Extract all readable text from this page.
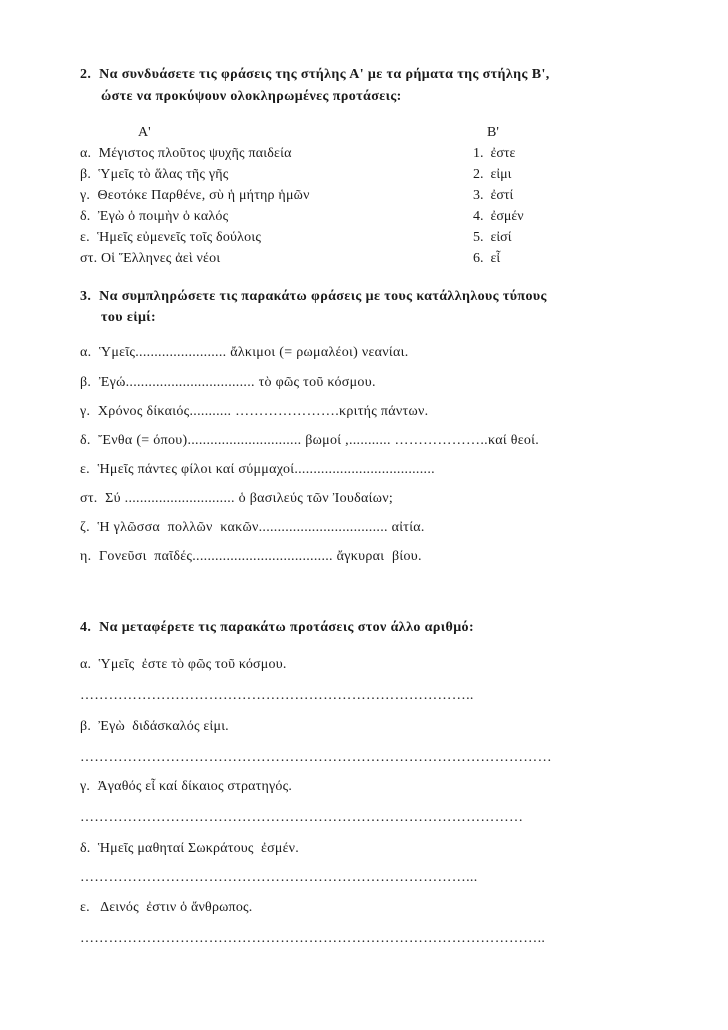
2.  Να συνδυάσετε τις φράσεις της στήλης Α' με τα ρήματα της στήλης Β',
ώστε να προκύψουν ολοκληρωμένες προτάσεις:
Α'	Β'
α.  Μέγιστος πλοῦτος ψυχῆς παιδεία
β.  Ὑμεῖς τὸ ἅλας τῆς γῆς
γ.  Θεοτόκε Παρθένε, σὺ ἡ μήτηρ ἡμῶν
δ.  Ἐγὼ ὁ ποιμὴν ὁ καλός
ε.  Ἡμεῖς εὐμενεῖς τοῖς δούλοις
στ. Οἱ Ἕλληνες ἀεὶ νέοι
1.  ἐστε
2.  εἰμι
3.  ἐστί
4.  ἐσμέν
5.  εἰσί
6.  εἶ
3.  Να συμπληρώσετε τις παρακάτω φράσεις με τους κατάλληλους τύπους
του εἰμί:
α.  Ὑμεῖς........................ ἄλκιμοι (= ρωμαλέοι) νεανίαι.
β.  Ἐγώ.................................. τὸ φῶς τοῦ κόσμου.
γ.  Χρόνος δίκαιός........... ………………….κριτής πάντων.
δ.  Ἔνθα (= όπου).............................. βωμοί ,........... ………………..καί θεοί.
ε.  Ἡμεῖς πάντες φίλοι καί σύμμαχοί.....................................
στ.  Σύ ............................. ὁ βασιλεύς τῶν Ἰουδαίων;
ζ.  Ἡ γλῶσσα  πολλῶν  κακῶν.................................. αἰτία.
η.  Γονεῦσι  παῖδές..................................... ἄγκυραι  βίου.
4.  Να μεταφέρετε τις παρακάτω προτάσεις στον άλλο αριθμό:
α.  Ὑμεῖς  ἐστε τὸ φῶς τοῦ κόσμου.
………………………………………………………………………..
β.  Ἐγὼ  διδάσκαλός εἰμι.
………………………………………………………………………………………
γ.  Ἀγαθός εἶ καί δίκαιος στρατηγός.
…………………………………………………………………………………
δ.  Ἡμεῖς μαθηταί Σωκράτους  ἐσμέν.
………………………………………………………………………...
ε.   Δεινός  ἐστιν ὁ ἄνθρωπος.
……………………………………………………………………………………..
